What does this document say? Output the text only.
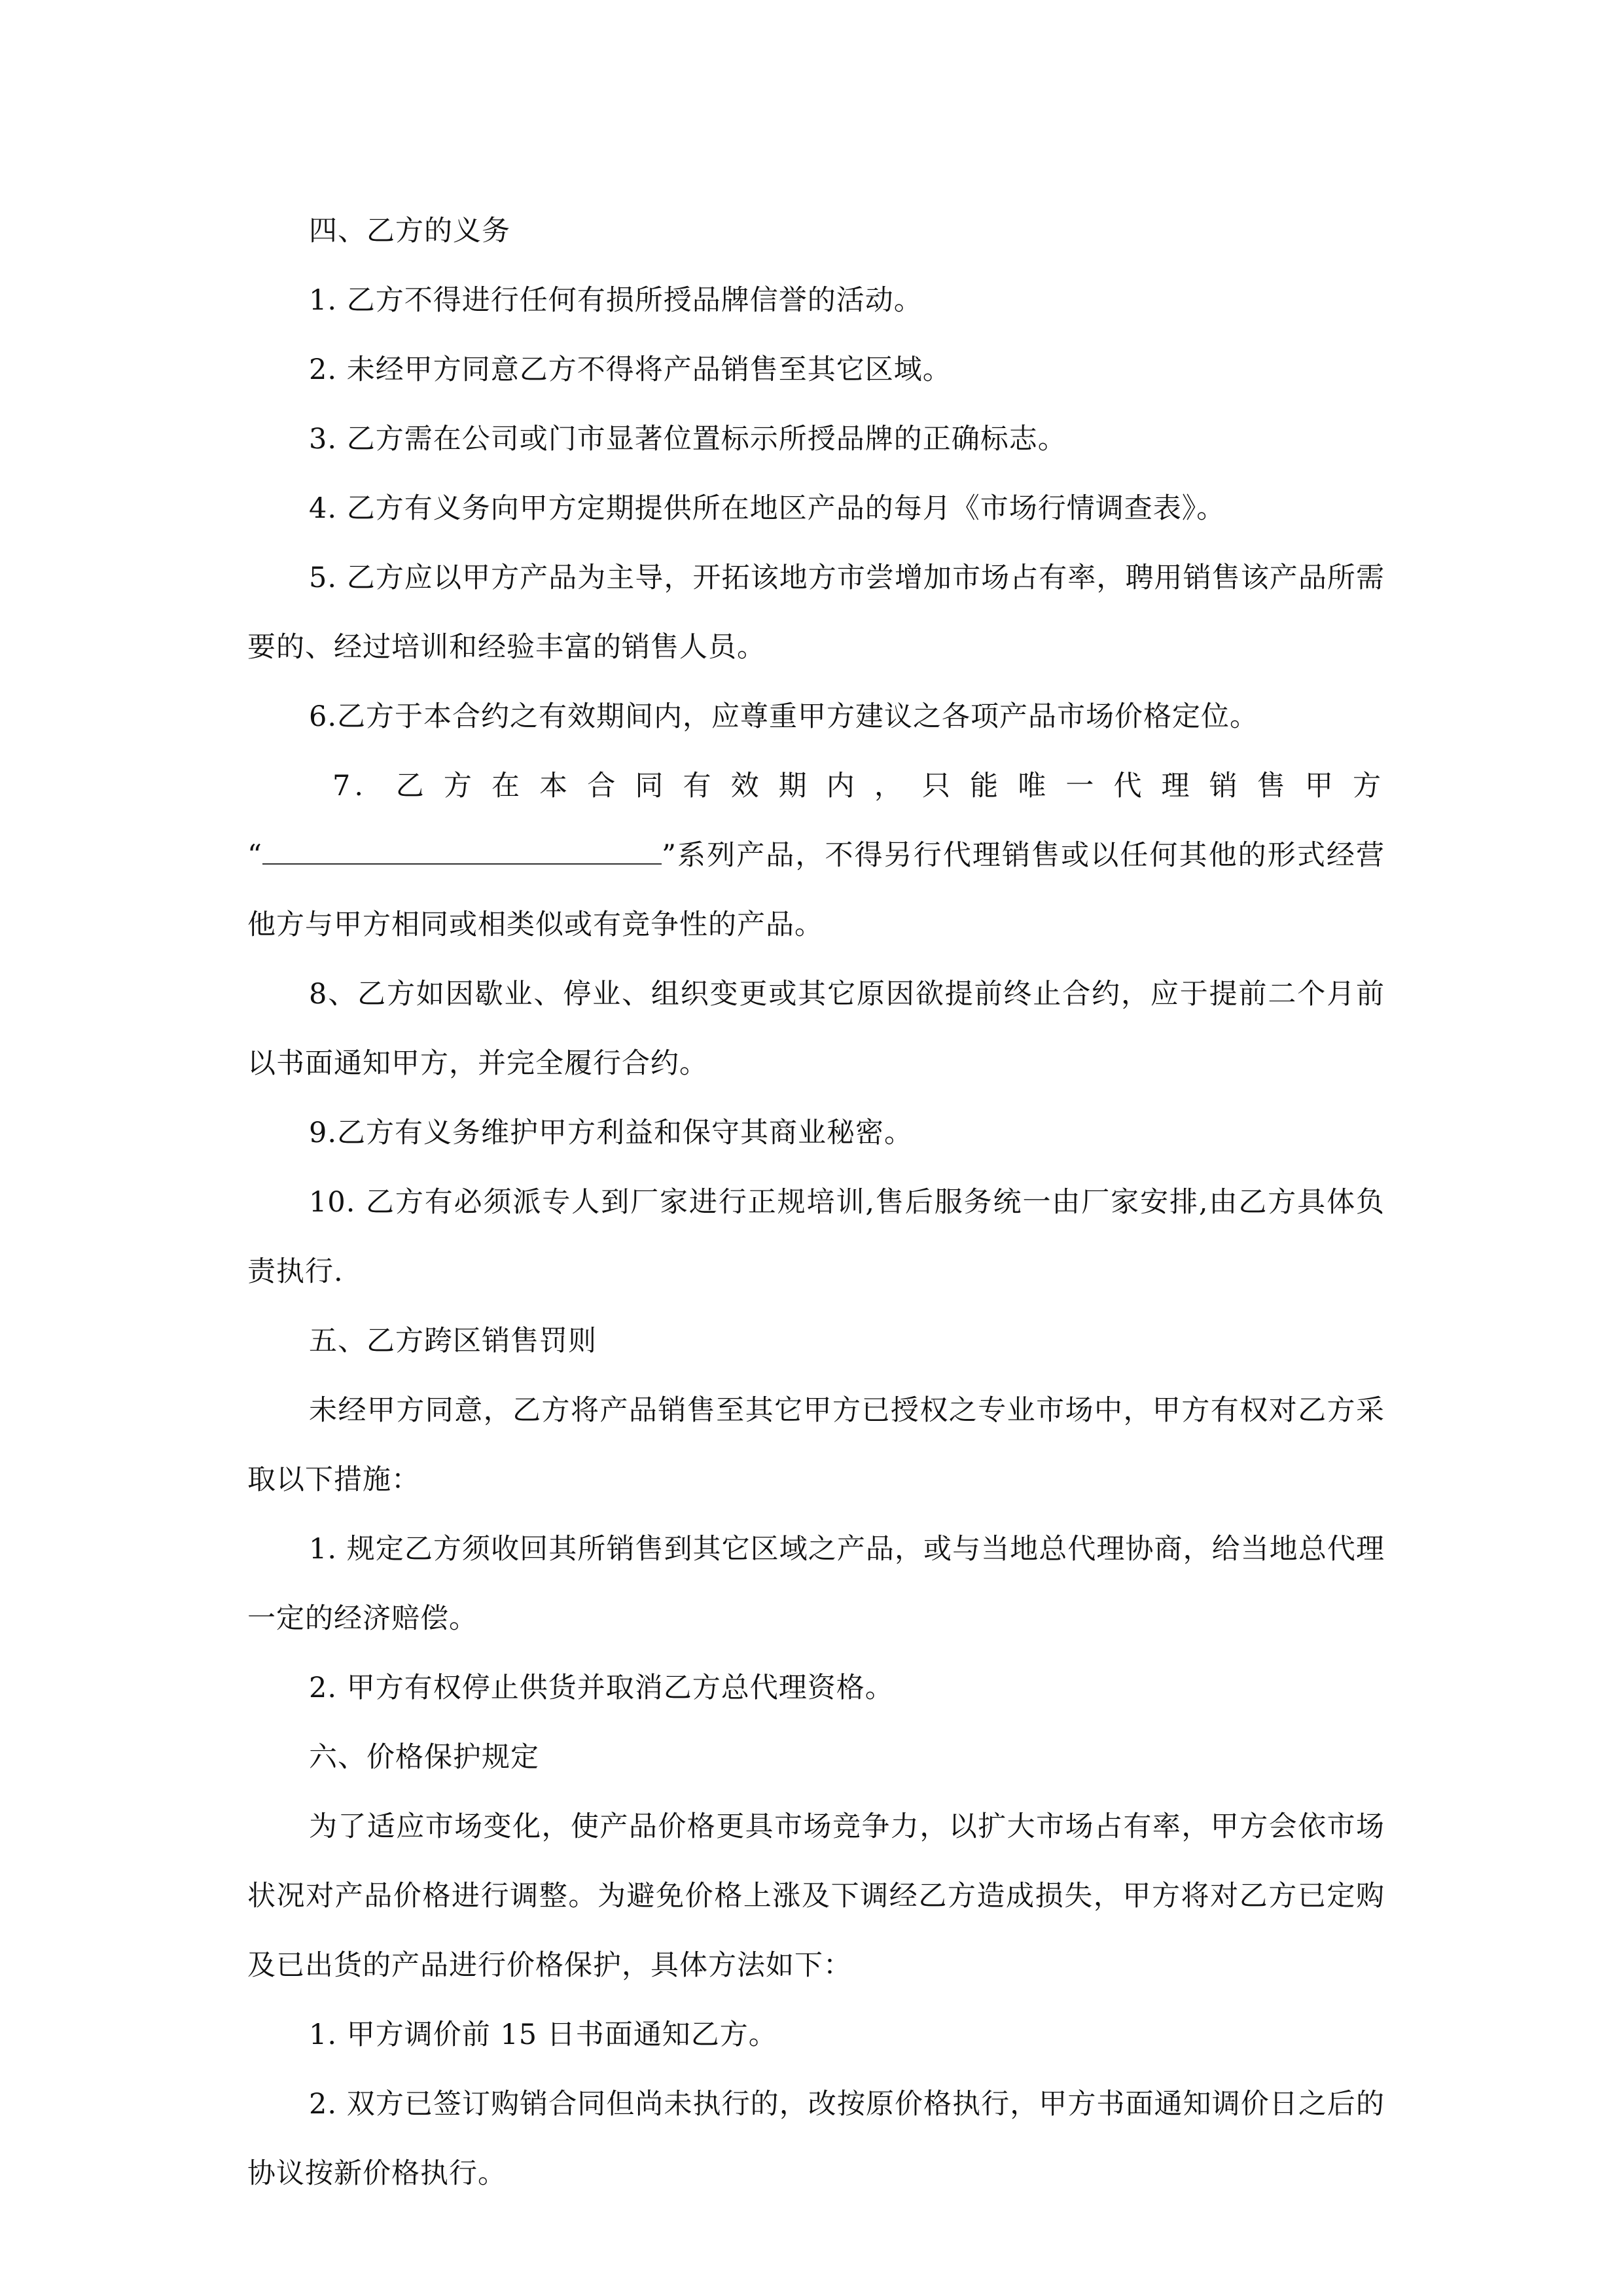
四、乙方的义务

1. 乙方不得进行任何有损所授品牌信誉的活动。

2. 未经甲方同意乙方不得将产品销售至其它区域。

3. 乙方需在公司或门市显著位置标示所授品牌的正确标志。

4. 乙方有义务向甲方定期提供所在地区产品的每月《市场行情调查表》。

5. 乙方应以甲方产品为主导，开拓该地方市尝增加市场占有率，聘用销售该产品所需要的、经过培训和经验丰富的销售人员。

6.乙方于本合约之有效期间内，应尊重甲方建议之各项产品市场价格定位。

7. 乙方在本合同有效期内，只能唯一代理销售甲方

“	”系列产品，不得另行代理销售或以任何其他的形式经营他方与甲方相同或相类似或有竞争性的产品。

8、乙方如因歇业、停业、组织变更或其它原因欲提前终止合约，应于提前二个月前以书面通知甲方，并完全履行合约。

9.乙方有义务维护甲方利益和保守其商业秘密。

10. 乙方有必须派专人到厂家进行正规培训,售后服务统一由厂家安排,由乙方具体负责执行.

五、乙方跨区销售罚则

未经甲方同意，乙方将产品销售至其它甲方已授权之专业市场中，甲方有权对乙方采取以下措施：

1. 规定乙方须收回其所销售到其它区域之产品，或与当地总代理协商，给当地总代理一定的经济赔偿。

2. 甲方有权停止供货并取消乙方总代理资格。

六、价格保护规定

为了适应市场变化，使产品价格更具市场竞争力，以扩大市场占有率，甲方会依市场状况对产品价格进行调整。为避免价格上涨及下调经乙方造成损失，甲方将对乙方已定购及已出货的产品进行价格保护，具体方法如下：

1. 甲方调价前 15 日书面通知乙方。

2. 双方已签订购销合同但尚未执行的，改按原价格执行，甲方书面通知调价日之后的协议按新价格执行。
